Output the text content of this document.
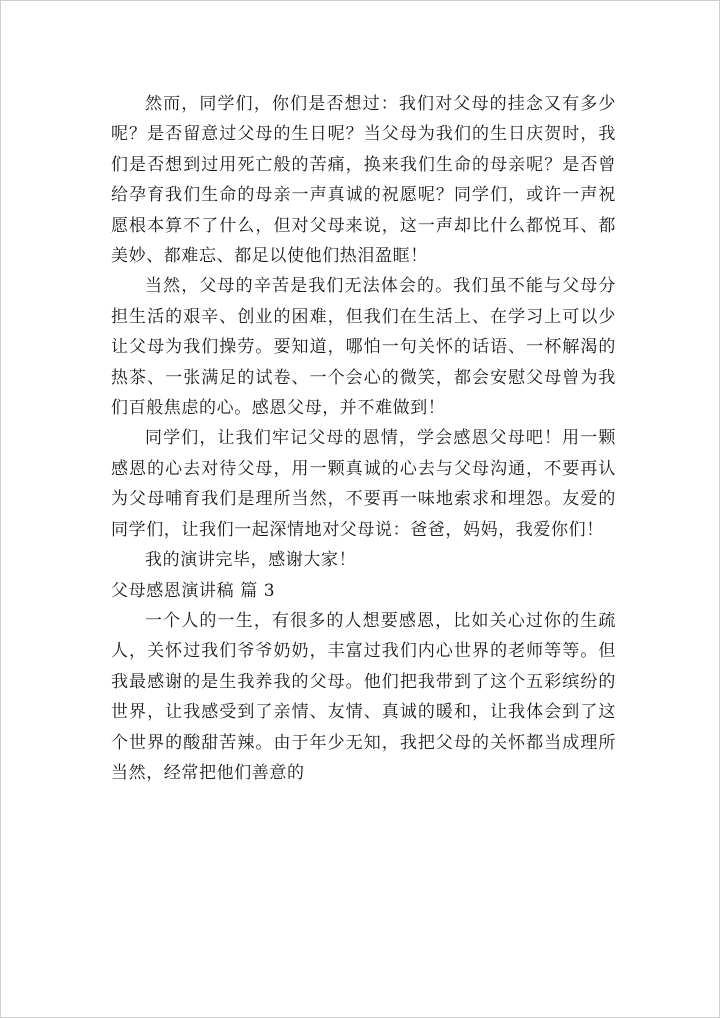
然而，同学们，你们是否想过：我们对父母的挂念又有多少呢？是否留意过父母的生日呢？当父母为我们的生日庆贺时，我们是否想到过用死亡般的苦痛，换来我们生命的母亲呢？是否曾给孕育我们生命的母亲一声真诚的祝愿呢？同学们，或许一声祝愿根本算不了什么，但对父母来说，这一声却比什么都悦耳、都美妙、都难忘、都足以使他们热泪盈眶！

当然，父母的辛苦是我们无法体会的。我们虽不能与父母分担生活的艰辛、创业的困难，但我们在生活上、在学习上可以少让父母为我们操劳。要知道，哪怕一句关怀的话语、一杯解渴的热茶、一张满足的试卷、一个会心的微笑，都会安慰父母曾为我们百般焦虑的心。感恩父母，并不难做到！

同学们，让我们牢记父母的恩情，学会感恩父母吧！用一颗感恩的心去对待父母，用一颗真诚的心去与父母沟通，不要再认为父母哺育我们是理所当然，不要再一味地索求和埋怨。友爱的同学们，让我们一起深情地对父母说：爸爸，妈妈，我爱你们！

我的演讲完毕，感谢大家！

父母感恩演讲稿 篇 3

一个人的一生，有很多的人想要感恩，比如关心过你的生疏人，关怀过我们爷爷奶奶，丰富过我们内心世界的老师等等。但我最感谢的是生我养我的父母。他们把我带到了这个五彩缤纷的世界，让我感受到了亲情、友情、真诚的暖和，让我体会到了这个世界的酸甜苦辣。由于年少无知，我把父母的关怀都当成理所当然，经常把他们善意的
